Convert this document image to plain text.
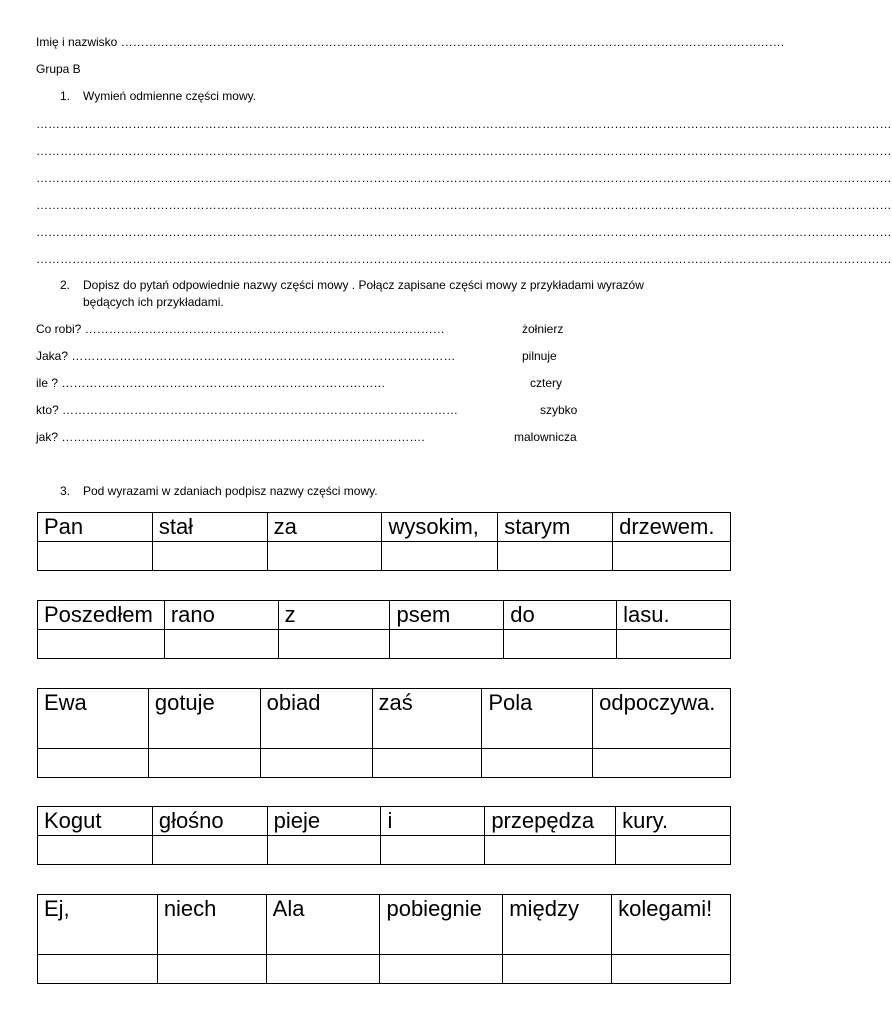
Imię i nazwisko ………………………………………………………………………………………………………………………………………………….
Grupa B
1. Wymień odmienne części mowy.
……………………………………………………………………………………………………………………………………………………………………………………………
……………………………………………………………………………………………………………………………………………………………………………………………
……………………………………………………………………………………………………………………………………………………………………………………………
……………………………………………………………………………………………………………………………………………………………………………………………
……………………………………………………………………………………………………………………………………………………………………………………………
……………………………………………………………………………………………………………………………………………………………………………………………
2. Dopisz do pytań odpowiednie nazwy części mowy . Połącz zapisane części mowy z przykładami wyrazów
będących ich przykładami.
Co robi? ………………………………………………………………………………	żołnierz
Jaka? ……………………………………………………………………………………	pilnuje
ile ? ………………………………………………………………………	cztery
kto? ………………………………………………………………………………………	szybko
jak? ……………………………………………………………………………….	malownicza
3. Pod wyrazami w zdaniach podpisz nazwy części mowy.
Pan	stał	za	wysokim,	starym	drzewem.

Poszedłem	rano	z	psem	do	lasu.

Ewa	gotuje	obiad	zaś	Pola	odpoczywa.

Kogut	głośno	pieje	i	przepędza	kury.

Ej,	niech	Ala	pobiegnie	między	kolegami!
